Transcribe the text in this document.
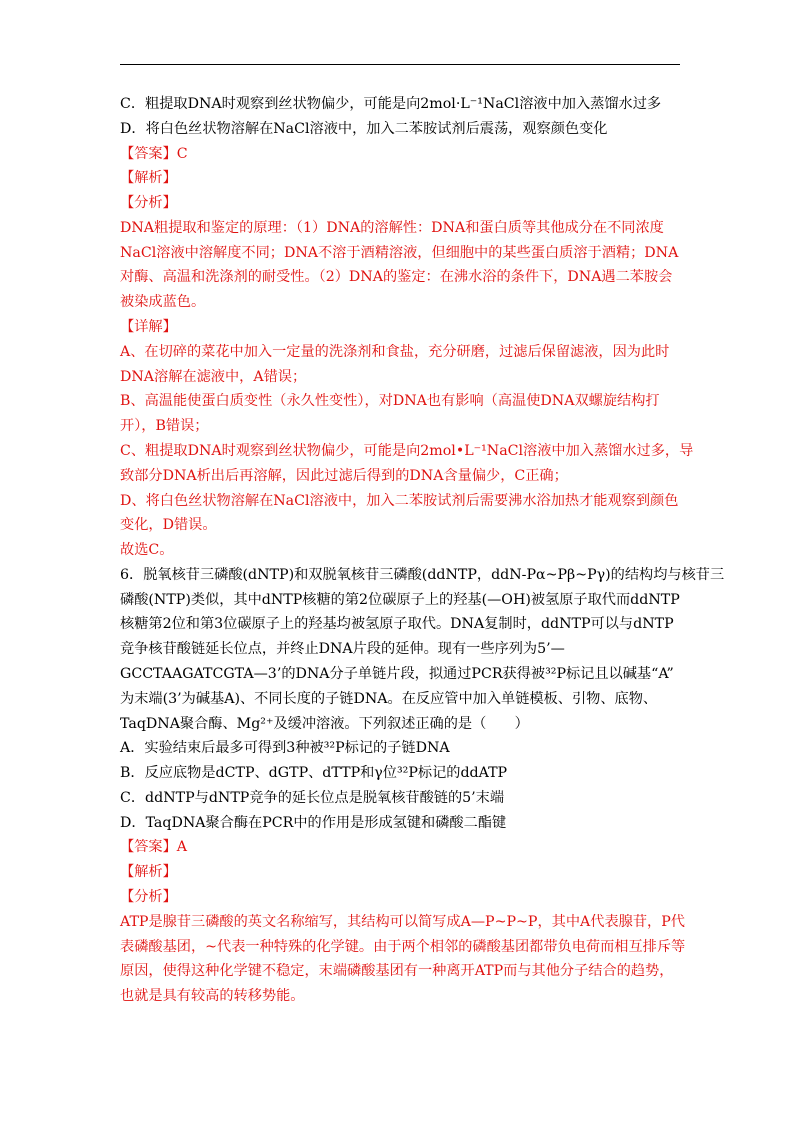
C．粗提取DNA时观察到丝状物偏少，可能是向2mol·L⁻¹NaCl溶液中加入蒸馏水过多
D．将白色丝状物溶解在NaCl溶液中，加入二苯胺试剂后震荡，观察颜色变化
【答案】C
【解析】
【分析】
DNA粗提取和鉴定的原理：（1）DNA的溶解性：DNA和蛋白质等其他成分在不同浓度
NaCl溶液中溶解度不同；DNA不溶于酒精溶液，但细胞中的某些蛋白质溶于酒精；DNA
对酶、高温和洗涤剂的耐受性。（2）DNA的鉴定：在沸水浴的条件下，DNA遇二苯胺会
被染成蓝色。
【详解】
A、在切碎的菜花中加入一定量的洗涤剂和食盐，充分研磨，过滤后保留滤液，因为此时
DNA溶解在滤液中，A错误；
B、高温能使蛋白质变性（永久性变性），对DNA也有影响（高温使DNA双螺旋结构打
开），B错误；
C、粗提取DNA时观察到丝状物偏少，可能是向2mol•L⁻¹NaCl溶液中加入蒸馏水过多，导
致部分DNA析出后再溶解，因此过滤后得到的DNA含量偏少，C正确；
D、将白色丝状物溶解在NaCl溶液中，加入二苯胺试剂后需要沸水浴加热才能观察到颜色
变化，D错误。
故选C。
6．脱氧核苷三磷酸(dNTP)和双脱氧核苷三磷酸(ddNTP，ddN-Pα~Pβ~Pγ)的结构均与核苷三
磷酸(NTP)类似，其中dNTP核糖的第2位碳原子上的羟基(—OH)被氢原子取代而ddNTP
核糖第2位和第3位碳原子上的羟基均被氢原子取代。DNA复制时，ddNTP可以与dNTP
竞争核苷酸链延长位点，并终止DNA片段的延伸。现有一些序列为5’—
GCCTAAGATCGTA—3’的DNA分子单链片段，拟通过PCR获得被³²P标记且以碱基“A”
为末端(3’为碱基A)、不同长度的子链DNA。在反应管中加入单链模板、引物、底物、
TaqDNA聚合酶、Mg²⁺及缓冲溶液。下列叙述正确的是（　　）
A．实验结束后最多可得到3种被³²P标记的子链DNA
B．反应底物是dCTP、dGTP、dTTP和γ位³²P标记的ddATP
C．ddNTP与dNTP竞争的延长位点是脱氧核苷酸链的5’末端
D．TaqDNA聚合酶在PCR中的作用是形成氢键和磷酸二酯键
【答案】A
【解析】
【分析】
ATP是腺苷三磷酸的英文名称缩写，其结构可以简写成A—P~P~P，其中A代表腺苷，P代
表磷酸基团，~代表一种特殊的化学键。由于两个相邻的磷酸基团都带负电荷而相互排斥等
原因，使得这种化学键不稳定，末端磷酸基团有一种离开ATP而与其他分子结合的趋势，
也就是具有较高的转移势能。
